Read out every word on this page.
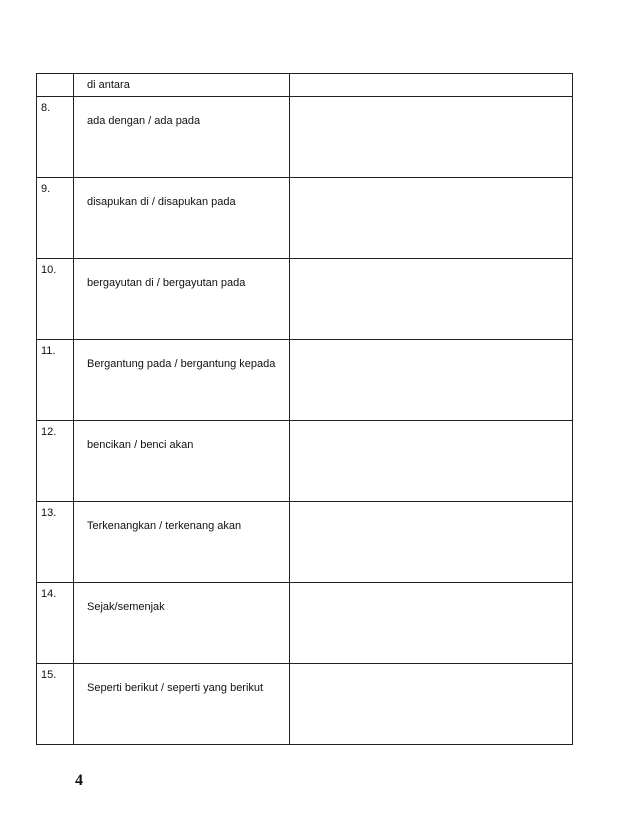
	di antara	

8.	ada dengan / ada pada	

9.	disapukan di / disapukan pada	

10.	bergayutan di / bergayutan pada	

11.	Bergantung pada / bergantung kepada	

12.	bencikan / benci akan	

13.	Terkenangkan / terkenang akan	

14.	Sejak/semenjak	

15.	Seperti berikut / seperti yang berikut	

4
